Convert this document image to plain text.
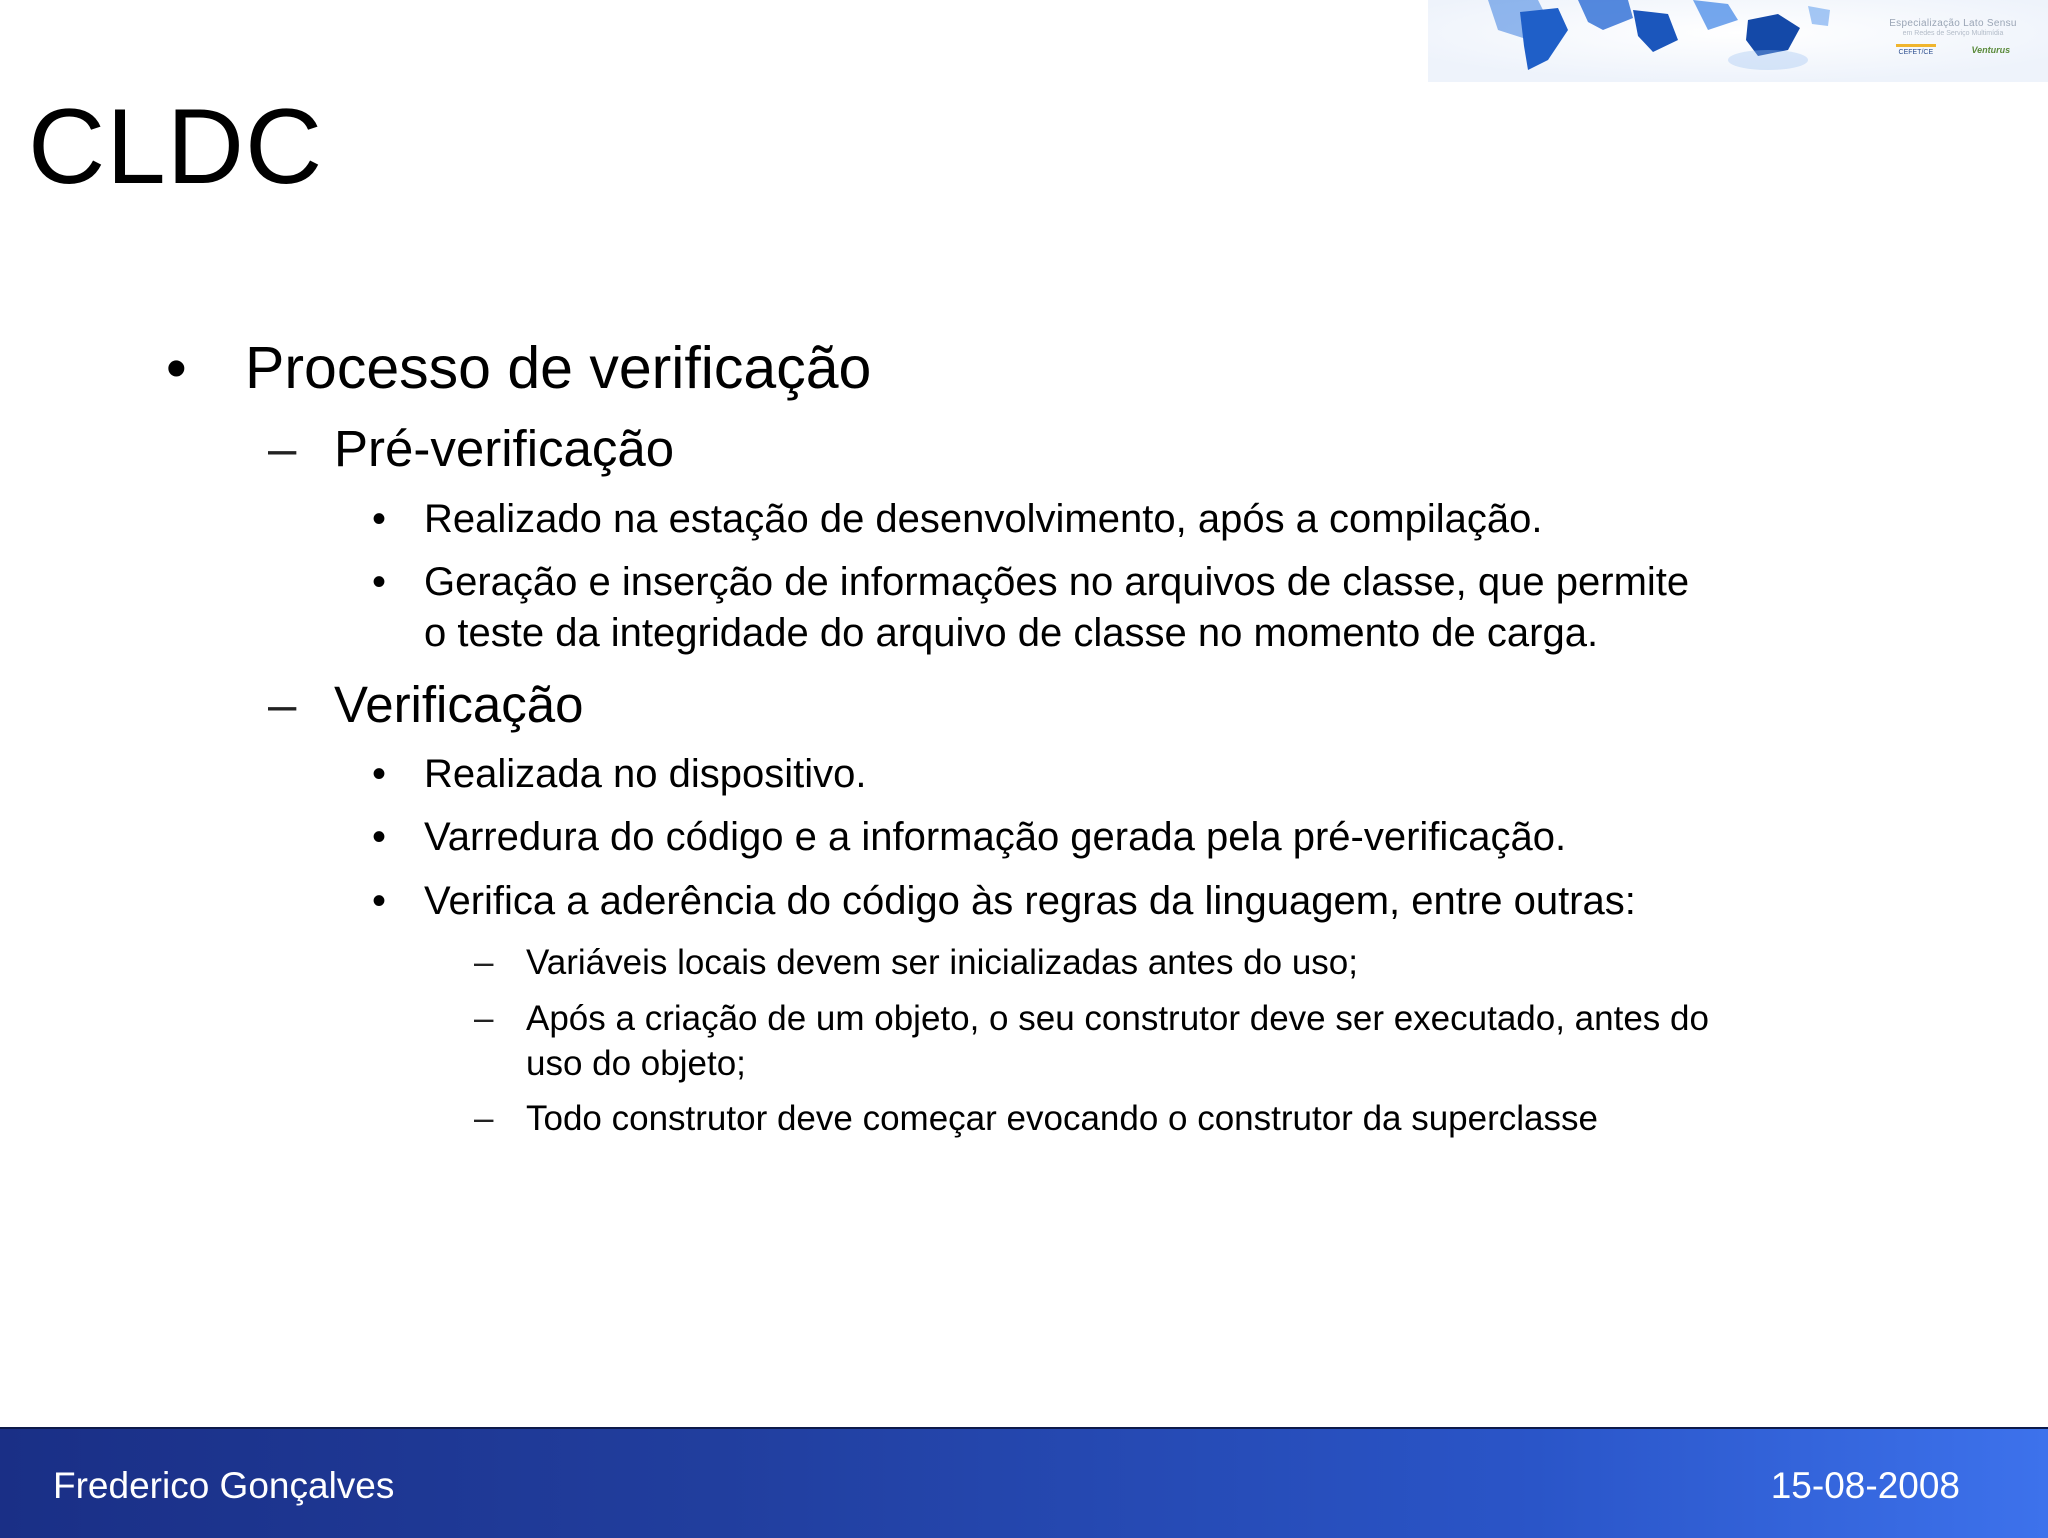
Especialização Lato Sensu
em Redes de Serviço Multimídia
CEFET/CE	Venturus
CLDC
• Processo de verificação
– Pré-verificação
• Realizado na estação de desenvolvimento, após a compilação.
• Geração e inserção de informações no arquivos de classe, que permite
o teste da integridade do arquivo de classe no momento de carga.
– Verificação
• Realizada no dispositivo.
• Varredura do código e a informação gerada pela pré-verificação.
• Verifica a aderência do código às regras da linguagem, entre outras:
– Variáveis locais devem ser inicializadas antes do uso;
– Após a criação de um objeto, o seu construtor deve ser executado, antes do
uso do objeto;
– Todo construtor deve começar evocando o construtor da superclasse
Frederico Gonçalves	15-08-2008
